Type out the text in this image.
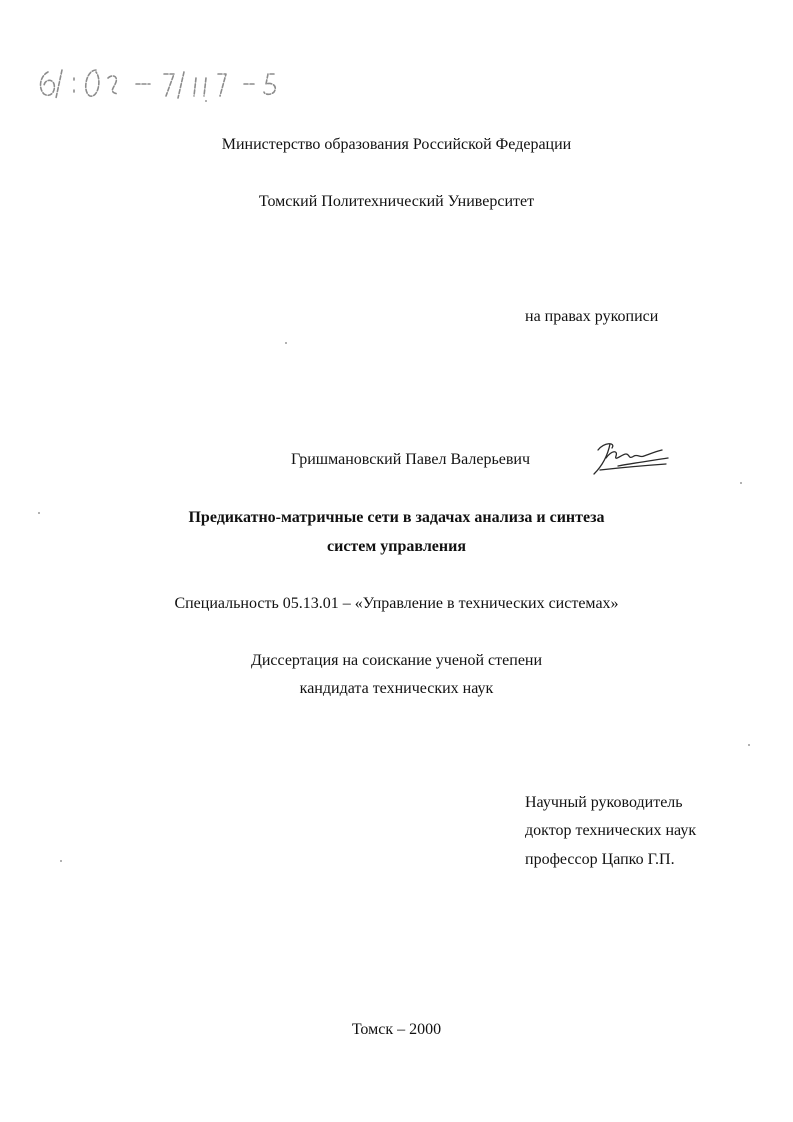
Министерство образования Российской Федерации
Томский Политехнический Университет
на правах рукописи
Гришмановский Павел Валерьевич
Предикатно-матричные сети в задачах анализа и синтеза
систем управления
Специальность 05.13.01 – «Управление в технических системах»
Диссертация на соискание ученой степени
кандидата технических наук
Научный руководитель
доктор технических наук
профессор Цапко Г.П.
Томск – 2000
